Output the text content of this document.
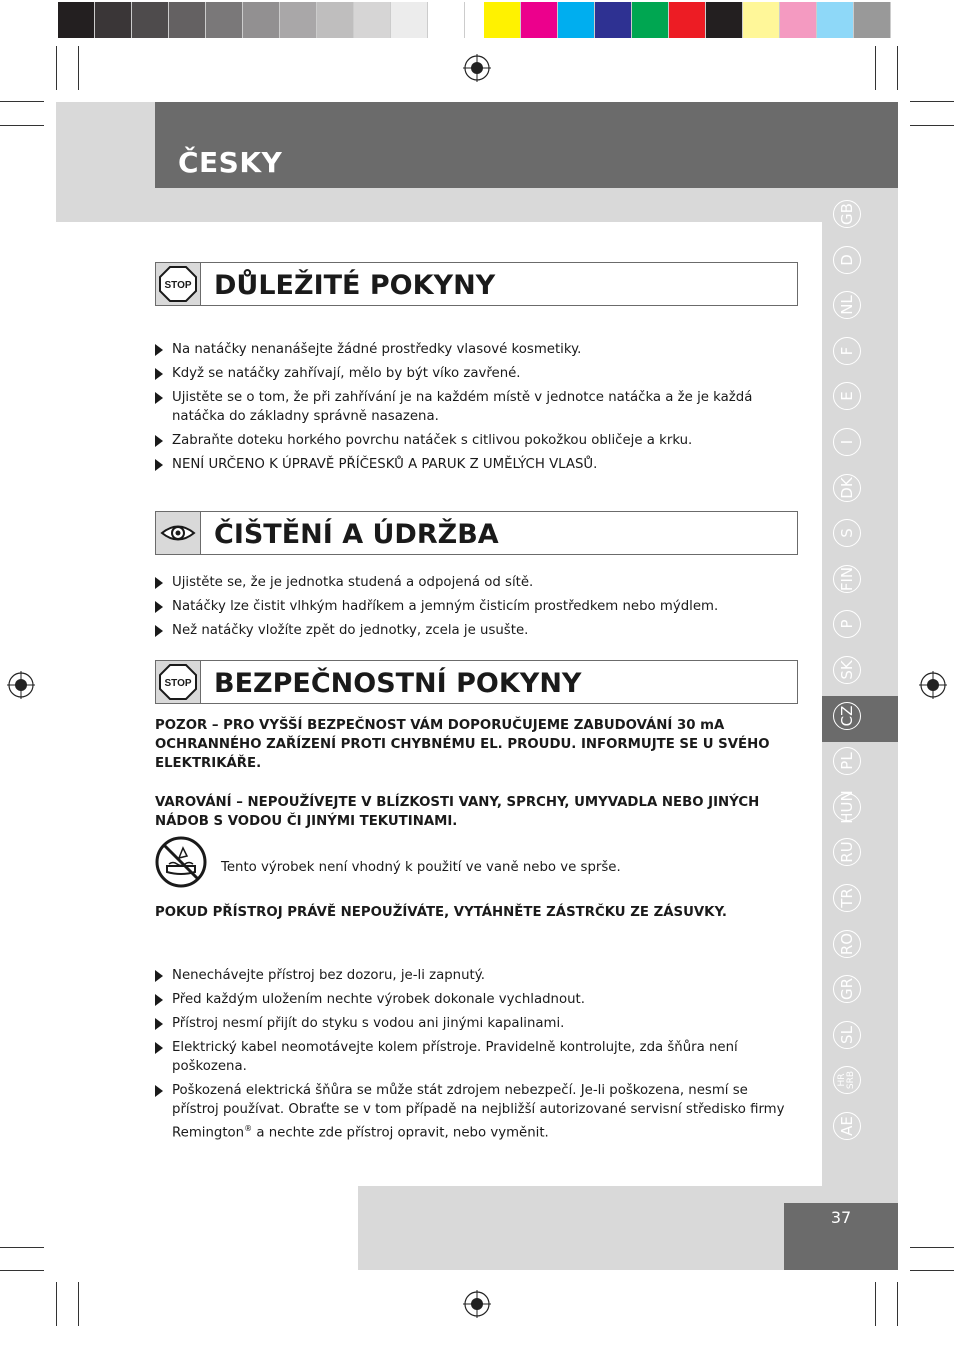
ČESKY
GB
D
NL
F
E
I
DK
S
FIN
P
SK
CZ
PL
HUN
RU
TR
RO
GR
SL
HR
SRB
AE
STOP DŮLEŽITÉ POKYNY
Na natáčky nenanášejte žádné prostředky vlasové kosmetiky.
Když se natáčky zahřívají, mělo by být víko zavřené.
Ujistěte se o tom, že při zahřívání je na každém místě v jednotce natáčka a že je každá natáčka do základny správně nasazena.
Zabraňte doteku horkého povrchu natáček s citlivou pokožkou obličeje a krku.
NENÍ URČENO K ÚPRAVĚ PŘÍČESKŮ A PARUK Z UMĚLÝCH VLASŮ.
ČIŠTĚNÍ A ÚDRŽBA
Ujistěte se, že je jednotka studená a odpojená od sítě.
Natáčky lze čistit vlhkým hadříkem a jemným čisticím prostředkem nebo mýdlem.
Než natáčky vložíte zpět do jednotky, zcela je usušte.
STOP BEZPEČNOSTNÍ POKYNY

POZOR – PRO VYŠŠÍ BEZPEČNOST VÁM DOPORUČUJEME ZABUDOVÁNÍ 30 mA OCHRANNÉHO ZAŘÍZENÍ PROTI CHYBNÉMU EL. PROUDU. INFORMUJTE SE U SVÉHO ELEKTRIKÁŘE.

VAROVÁNÍ – NEPOUŽÍVEJTE V BLÍZKOSTI VANY, SPRCHY, UMYVADLA NEBO JINÝCH NÁDOB S VODOU ČI JINÝMI TEKUTINAMI.

Tento výrobek není vhodný k použití ve vaně nebo ve sprše.

POKUD PŘÍSTROJ PRÁVĚ NEPOUŽÍVÁTE, VYTÁHNĚTE ZÁSTRČKU ZE ZÁSUVKY.

Nenechávejte přístroj bez dozoru, je-li zapnutý.
Před každým uložením nechte výrobek dokonale vychladnout.
Přístroj nesmí přijít do styku s vodou ani jinými kapalinami.
Elektrický kabel neomotávejte kolem přístroje. Pravidelně kontrolujte, zda šňůra není poškozena.
Poškozená elektrická šňůra se může stát zdrojem nebezpečí. Je-li poškozena, nesmí se přístroj používat. Obraťte se v tom případě na nejbližší autorizované servisní středisko firmy Remington® a nechte zde přístroj opravit, nebo vyměnit.
37
